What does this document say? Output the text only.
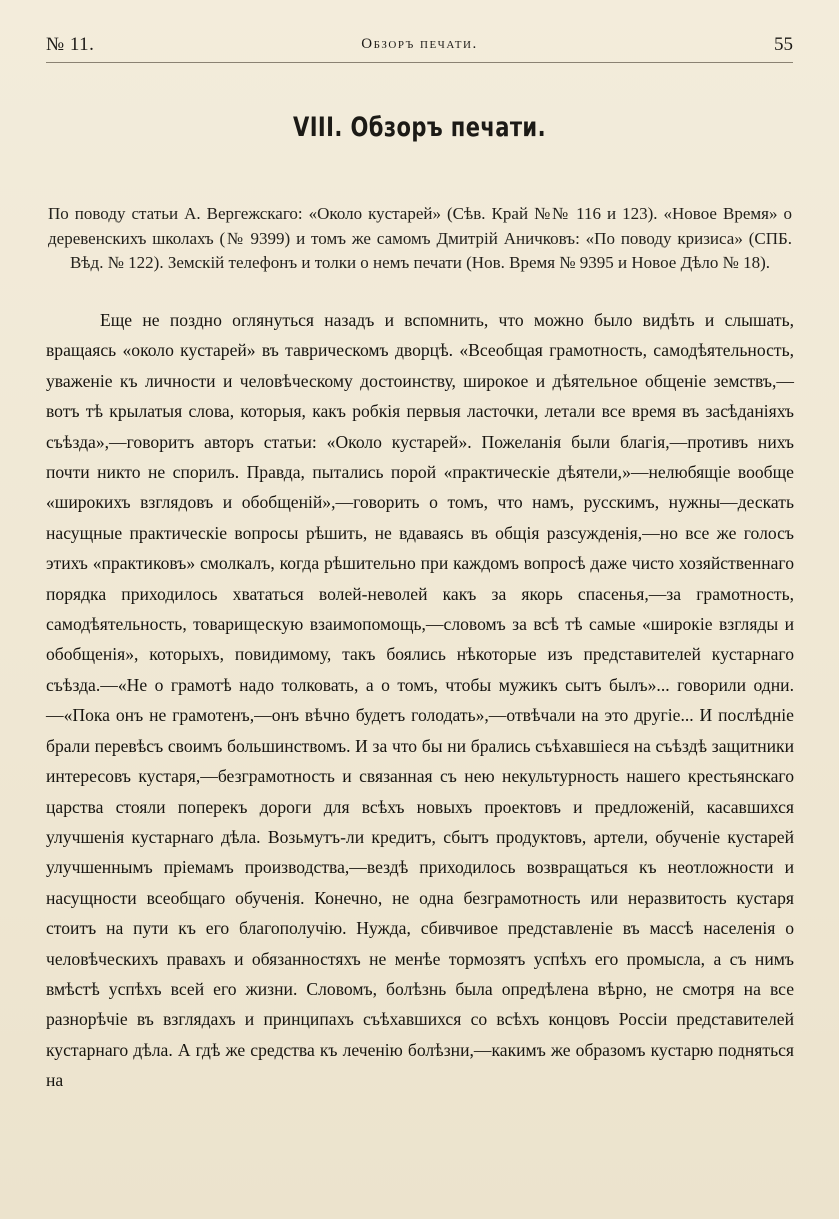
№ 11.	Обзоръ печати.	55
VIII. Обзоръ печати.
По поводу статьи А. Вергежскаго: «Около кустарей» (Сѣв. Край №№ 116 и 123). «Новое Время» о деревенскихъ школахъ (№ 9399) и томъ же самомъ Дмитрій Аничковъ: «По поводу кризиса» (СПБ. Вѣд. № 122). Земскій телефонъ и толки о немъ печати (Нов. Время № 9395 и Новое Дѣло № 18).

Еще не поздно оглянуться назадъ и вспомнить, что можно было видѣть и слышать, вращаясь «около кустарей» въ таврическомъ дворцѣ. «Всеобщая грамотность, самодѣятельность, уваженіе къ личности и человѣческому достоинству, широкое и дѣятельное общеніе земствъ,— вотъ тѣ крылатыя слова, которыя, какъ робкія первыя ласточки, летали все время въ засѣданіяхъ съѣзда»,—говоритъ авторъ статьи: «Около кустарей». Пожеланія были благія,—противъ нихъ почти никто не спорилъ. Правда, пытались порой «практическіе дѣятели,»—нелюбящіе вообще «широкихъ взглядовъ и обобщеній»,—говорить о томъ, что намъ, русскимъ, нужны—дескать насущные практическіе вопросы рѣшить, не вдаваясь въ общія разсужденія,—но все же голосъ этихъ «практиковъ» смолкалъ, когда рѣшительно при каждомъ вопросѣ даже чисто хозяйственнаго порядка приходилось хвататься волей-неволей какъ за якорь спасенья,—за грамотность, самодѣятельность, товарищескую взаимопомощь,—словомъ за всѣ тѣ самые «широкіе взгляды и обобщенія», которыхъ, повидимому, такъ боялись нѣкоторые изъ представителей кустарнаго съѣзда.—«Не о грамотѣ надо толковать, а о томъ, чтобы мужикъ сытъ былъ»... говорили одни.—«Пока онъ не грамотенъ,—онъ вѣчно будетъ голодать»,—отвѣчали на это другіе... И послѣдніе брали перевѣсъ своимъ большинствомъ. И за что бы ни брались съѣхавшіеся на съѣздѣ защитники интересовъ кустаря,—безграмотность и связанная съ нею некультурность нашего крестьянскаго царства стояли поперекъ дороги для всѣхъ новыхъ проектовъ и предложеній, касавшихся улучшенія кустарнаго дѣла. Возьмутъ-ли кредитъ, сбытъ продуктовъ, артели, обученіе кустарей улучшеннымъ пріемамъ производства,—вездѣ приходилось возвращаться къ неотложности и насущности всеобщаго обученія. Конечно, не одна безграмотность или неразвитость кустаря стоитъ на пути къ его благополучію. Нужда, сбивчивое представленіе въ массѣ населенія о человѣческихъ правахъ и обязанностяхъ не менѣе тормозятъ успѣхъ его промысла, а съ нимъ вмѣстѣ успѣхъ всей его жизни. Словомъ, болѣзнь была опредѣлена вѣрно, не смотря на все разнорѣчіе въ взглядахъ и принципахъ съѣхавшихся со всѣхъ концовъ Россіи представителей кустарнаго дѣла. А гдѣ же средства къ леченію болѣзни,—какимъ же образомъ кустарю подняться на
